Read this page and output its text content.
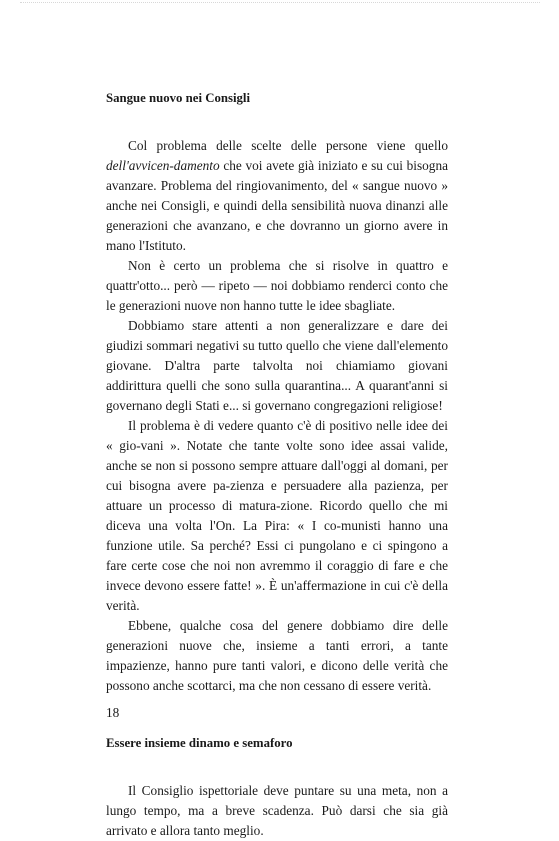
Sangue nuovo nei Consigli

Col problema delle scelte delle persone viene quello dell'avvicen-damento che voi avete già iniziato e su cui bisogna avanzare. Problema del ringiovanimento, del « sangue nuovo » anche nei Consigli, e quindi della sensibilità nuova dinanzi alle generazioni che avanzano, e che dovranno un giorno avere in mano l'Istituto.

Non è certo un problema che si risolve in quattro e quattr'otto... però — ripeto — noi dobbiamo renderci conto che le generazioni nuove non hanno tutte le idee sbagliate.

Dobbiamo stare attenti a non generalizzare e dare dei giudizi sommari negativi su tutto quello che viene dall'elemento giovane. D'altra parte talvolta noi chiamiamo giovani addirittura quelli che sono sulla quarantina... A quarant'anni si governano degli Stati e... si governano congregazioni religiose!

Il problema è di vedere quanto c'è di positivo nelle idee dei « gio-vani ». Notate che tante volte sono idee assai valide, anche se non si possono sempre attuare dall'oggi al domani, per cui bisogna avere pa-zienza e persuadere alla pazienza, per attuare un processo di matura-zione. Ricordo quello che mi diceva una volta l'On. La Pira: « I co-munisti hanno una funzione utile. Sa perché? Essi ci pungolano e ci spingono a fare certe cose che noi non avremmo il coraggio di fare e che invece devono essere fatte! ». È un'affermazione in cui c'è della verità.

Ebbene, qualche cosa del genere dobbiamo dire delle generazioni nuove che, insieme a tanti errori, a tante impazienze, hanno pure tanti valori, e dicono delle verità che possono anche scottarci, ma che non cessano di essere verità.

Essere insieme dinamo e semaforo

Il Consiglio ispettoriale deve puntare su una meta, non a lungo tempo, ma a breve scadenza. Può darsi che sia già arrivato e allora tanto meglio.

18
